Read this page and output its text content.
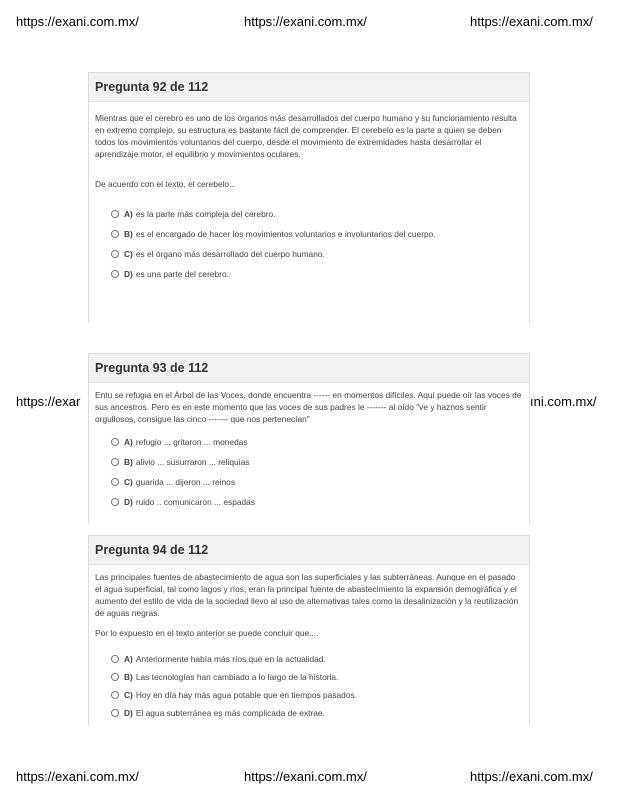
https://exani.com.mx/	https://exani.com.mx/	https://exani.com.mx/
Pregunta 92 de 112

Mientras que el cerebro es uno de los órganos más desarrollados del cuerpo humano y su funcionamiento resulta en extremo complejo, su estructura es bastante fácil de comprender. El cerebelo es la parte a quien se deben todos los movimientos voluntarios del cuerpo, desde el movimiento de extremidades hasta desarrollar el aprendizaje motor, el equilibrio y movimientos oculares.

De acuerdo con el texto, el cerebelo...

A) es la parte más compleja del cerebro.
B) es el encargado de hacer los movimientos voluntarios e involuntarios del cuerpo.
C) es el órgano más desarrollado del cuerpo humano.
D) es una parte del cerebro.
Pregunta 93 de 112

Entu se refugia en el Árbol de las Voces, donde encuentra ------ en momentos difíciles. Aquí puede oír las voces de sus ancestros. Pero es en este momento que las voces de sus padres le ------- al oído "ve y haznos sentir orgullosos, consigue las cinco ------- que nos pertenecían"

A) refugio ... gritaron ... monedas
B) alivio ... susurraron ... reliquias
C) guarida ... dijeron ... reinos
D) ruido .. comunicaron ... espadas
https://exar	ıni.com.mx/
Pregunta 94 de 112

Las principales fuentes de abastecimiento de agua son las superficiales y las subterráneas. Aunque en el pasado el agua superficial, tal como lagos y ríos, eran la principal fuente de abastecimiento la expansión demográfica y el aumento del estilo de vida de la sociedad llevo al uso de alternativas tales como la desalinización y la reutilización de aguas negras.

Por lo expuesto en el texto anterior se puede concluir que....

A) Anteriormente había más ríos que en la actualidad.
B) Las tecnologías han cambiado a lo largo de la historia.
C) Hoy en día hay más agua potable que en tiempos pasados.
D) El agua subterránea es más complicada de extrae.
https://exani.com.mx/	https://exani.com.mx/	https://exani.com.mx/
